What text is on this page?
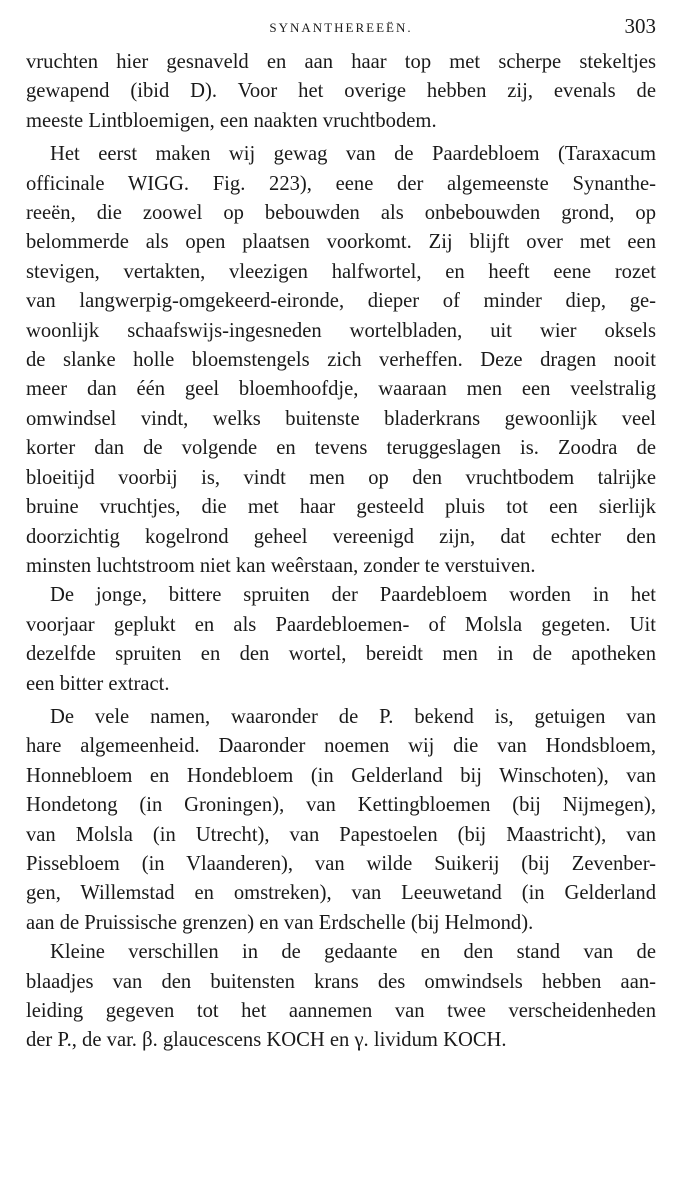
SYNANTHEREEËN.	303
vruchten hier gesnaveld en aan haar top met scherpe stekeltjes
gewapend (ibid D). Voor het overige hebben zij, evenals de
meeste Lintbloemigen, een naakten vruchtbodem.
Het eerst maken wij gewag van de Paardebloem (Taraxacum
officinale WIGG. Fig. 223), eene der algemeenste Synanthe-
reeën, die zoowel op bebouwden als onbebouwden grond, op
belommerde als open plaatsen voorkomt. Zij blijft over met een
stevigen, vertakten, vleezigen halfwortel, en heeft eene rozet
van langwerpig-omgekeerd-eironde, dieper of minder diep, ge-
woonlijk schaafswijs-ingesneden wortelbladen, uit wier oksels
de slanke holle bloemstengels zich verheffen. Deze dragen nooit
meer dan één geel bloemhoofdje, waaraan men een veelstralig
omwindsel vindt, welks buitenste bladerkrans gewoonlijk veel
korter dan de volgende en tevens teruggeslagen is. Zoodra de
bloeitijd voorbij is, vindt men op den vruchtbodem talrijke
bruine vruchtjes, die met haar gesteeld pluis tot een sierlijk
doorzichtig kogelrond geheel vereenigd zijn, dat echter den
minsten luchtstroom niet kan weêrstaan, zonder te verstuiven.
De jonge, bittere spruiten der Paardebloem worden in het
voorjaar geplukt en als Paardebloemen- of Molsla gegeten. Uit
dezelfde spruiten en den wortel, bereidt men in de apotheken
een bitter extract.
De vele namen, waaronder de P. bekend is, getuigen van
hare algemeenheid. Daaronder noemen wij die van Hondsbloem,
Honnebloem en Hondebloem (in Gelderland bij Winschoten), van
Hondetong (in Groningen), van Kettingbloemen (bij Nijmegen),
van Molsla (in Utrecht), van Papestoelen (bij Maastricht), van
Pissebloem (in Vlaanderen), van wilde Suikerij (bij Zevenber-
gen, Willemstad en omstreken), van Leeuwetand (in Gelderland
aan de Pruissische grenzen) en van Erdschelle (bij Helmond).
Kleine verschillen in de gedaante en den stand van de
blaadjes van den buitensten krans des omwindsels hebben aan-
leiding gegeven tot het aannemen van twee verscheidenheden
der P., de var. β. glaucescens KOCH en γ. lividum KOCH.
